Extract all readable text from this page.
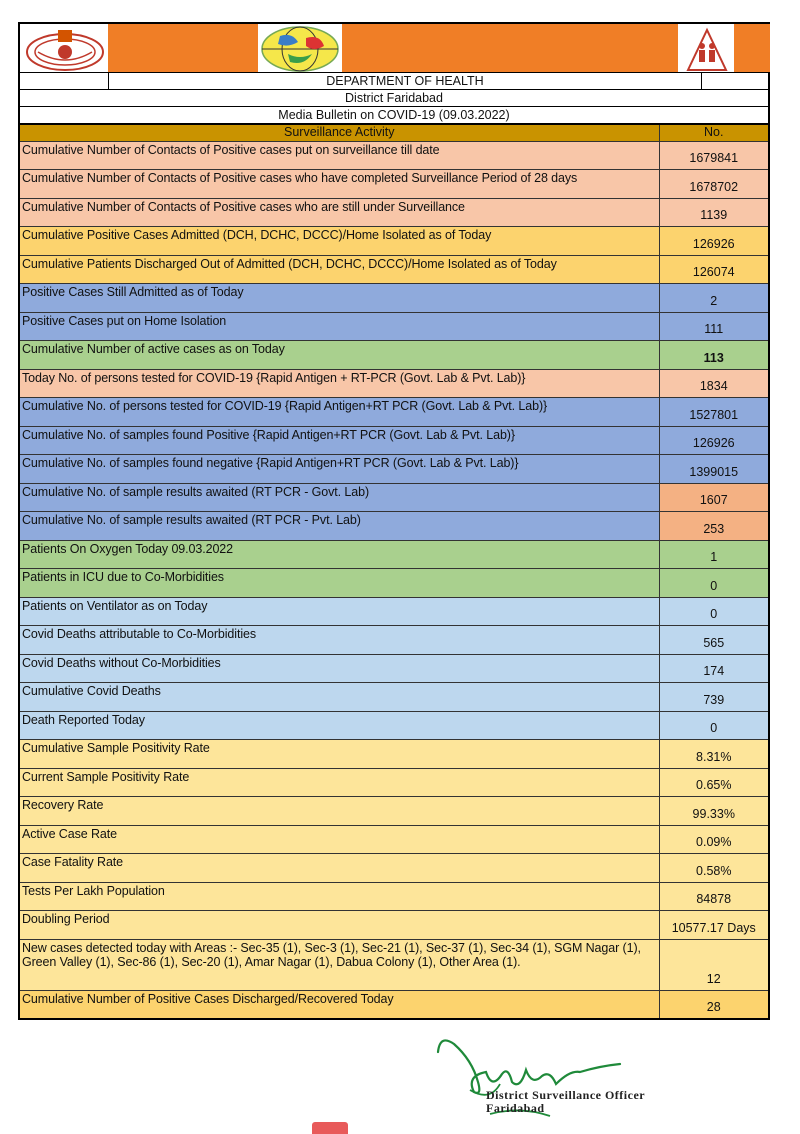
DEPARTMENT OF HEALTH
District Faridabad
Media Bulletin on COVID-19 (09.03.2022)
Surveillance Activity	No.
Cumulative Number of Contacts of Positive cases put on surveillance till date	1679841
Cumulative Number of Contacts of Positive cases who have completed Surveillance Period of 28 days	1678702
Cumulative Number of Contacts of Positive cases who are still under Surveillance	1139
Cumulative Positive Cases Admitted (DCH, DCHC, DCCC)/Home Isolated as of Today	126926
Cumulative Patients Discharged Out of Admitted (DCH, DCHC, DCCC)/Home Isolated as of Today	126074
Positive Cases Still Admitted as of Today	2
Positive Cases put on Home Isolation	111
Cumulative Number of active cases as on Today	113
Today No. of persons tested for COVID-19 {Rapid Antigen + RT-PCR (Govt. Lab & Pvt. Lab)}	1834
Cumulative No. of persons tested for COVID-19 {Rapid Antigen+RT PCR (Govt. Lab & Pvt. Lab)}	1527801
Cumulative No. of samples found Positive {Rapid Antigen+RT PCR (Govt. Lab & Pvt. Lab)}	126926
Cumulative No. of samples found negative {Rapid Antigen+RT PCR (Govt. Lab & Pvt. Lab)}	1399015
Cumulative No. of sample results awaited (RT PCR - Govt. Lab)	1607
Cumulative No. of sample results awaited (RT PCR - Pvt. Lab)	253
Patients On Oxygen Today 09.03.2022	1
Patients in ICU due to Co-Morbidities	0
Patients on Ventilator as on Today	0
Covid Deaths attributable to Co-Morbidities	565
Covid Deaths without Co-Morbidities	174
Cumulative Covid Deaths	739
Death Reported Today	0
Cumulative Sample Positivity Rate	8.31%
Current Sample Positivity Rate	0.65%
Recovery Rate	99.33%
Active Case Rate	0.09%
Case Fatality Rate	0.58%
Tests Per Lakh Population	84878
Doubling Period	10577.17 Days
New cases detected today with Areas :- Sec-35 (1), Sec-3 (1), Sec-21 (1), Sec-37 (1), Sec-34 (1), SGM Nagar (1), Green Valley (1), Sec-86 (1), Sec-20 (1), Amar Nagar (1), Dabua Colony (1), Other Area (1).	12
Cumulative Number of Positive Cases Discharged/Recovered Today	28
District Surveillance Officer
Faridabad
